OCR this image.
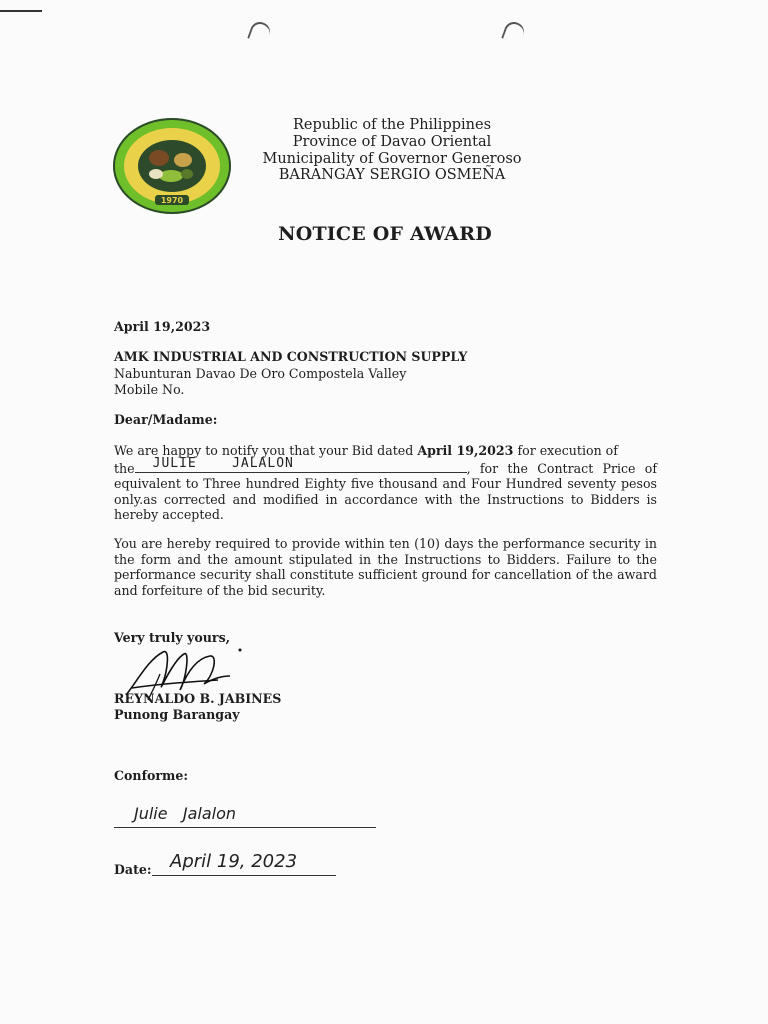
1970
Republic of the Philippines
Province of Davao Oriental
Municipality of Governor Generoso
BARANGAY SERGIO OSMEÑA
NOTICE OF AWARD
April 19,2023
AMK INDUSTRIAL AND CONSTRUCTION SUPPLY
Nabunturan Davao De Oro Compostela Valley
Mobile No.
Dear/Madame:
We are happy to notify you that your Bid dated April 19,2023 for execution of
the JULIE    JALALON	, for the Contract Price of equivalent to Three hundred Eighty five thousand and Four Hundred seventy pesos only.as corrected and modified in accordance with the Instructions to Bidders is hereby accepted.
You are hereby required to provide within ten (10) days the performance security in the form and the amount stipulated in the Instructions to Bidders. Failure to the performance security shall constitute sufficient ground for cancellation of the award and forfeiture of the bid security.
Very truly yours,
REYNALDO B. JABINES
Punong Barangay
Conforme:
Julie   Jalalon
Date: April 19, 2023
